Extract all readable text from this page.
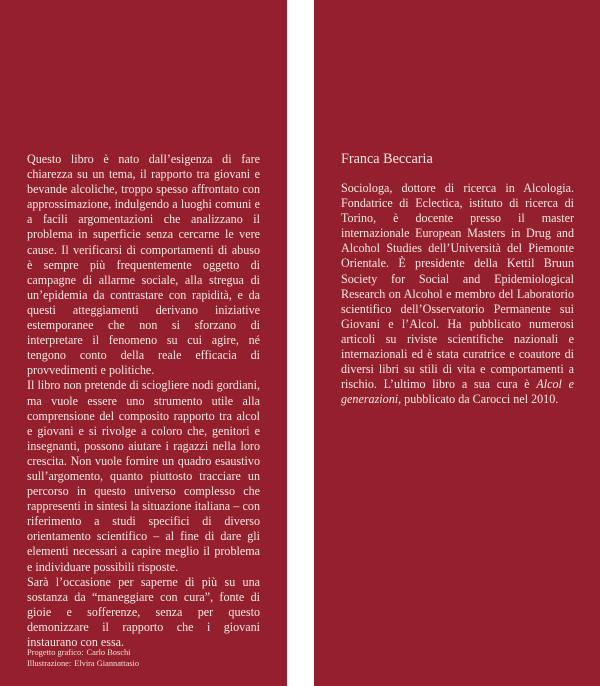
Questo libro è nato dall’esigenza di fare chiarezza su un tema, il rapporto tra giovani e bevande alcoliche, troppo spesso affrontato con approssimazione, indulgendo a luoghi comuni e a facili argomentazioni che analizzano il problema in superficie senza cercarne le vere cause. Il verificarsi di comportamenti di abuso è sempre più frequentemente oggetto di campagne di allarme sociale, alla stregua di un’epidemia da contrastare con rapidità, e da questi atteggiamenti derivano iniziative estemporanee che non si sforzano di interpretare il fenomeno su cui agire, né tengono conto della reale efficacia di provvedimenti e politiche.

Il libro non pretende di sciogliere nodi gordiani, ma vuole essere uno strumento utile alla comprensione del composito rapporto tra alcol e giovani e si rivolge a coloro che, genitori e insegnanti, possono aiutare i ragazzi nella loro crescita. Non vuole fornire un quadro esaustivo sull’argomento, quanto piuttosto tracciare un percorso in questo universo complesso che rappresenti in sintesi la situazione italiana – con riferimento a studi specifici di diverso orientamento scientifico – al fine di dare gli elementi necessari a capire meglio il problema e individuare possibili risposte.

Sarà l’occasione per saperne di più su una sostanza da “maneggiare con cura”, fonte di gioie e sofferenze, senza per questo demonizzare il rapporto che i giovani instaurano con essa.

Progetto grafico: Carlo Boschi
Illustrazione: Elvira Giannattasio
Franca Beccaria

Sociologa, dottore di ricerca in Alcologia. Fondatrice di Eclectica, istituto di ricerca di Torino, è docente presso il master internazionale European Masters in Drug and Alcohol Studies dell’Università del Piemonte Orientale. È presidente della Kettil Bruun Society for Social and Epidemiological Research on Alcohol e membro del Laboratorio scientifico dell’Osservatorio Permanente sui Giovani e l’Alcol. Ha pubblicato numerosi articoli su riviste scientifiche nazionali e internazionali ed è stata curatrice e coautore di diversi libri su stili di vita e comportamenti a rischio. L’ultimo libro a sua cura è Alcol e generazioni, pubblicato da Carocci nel 2010.
